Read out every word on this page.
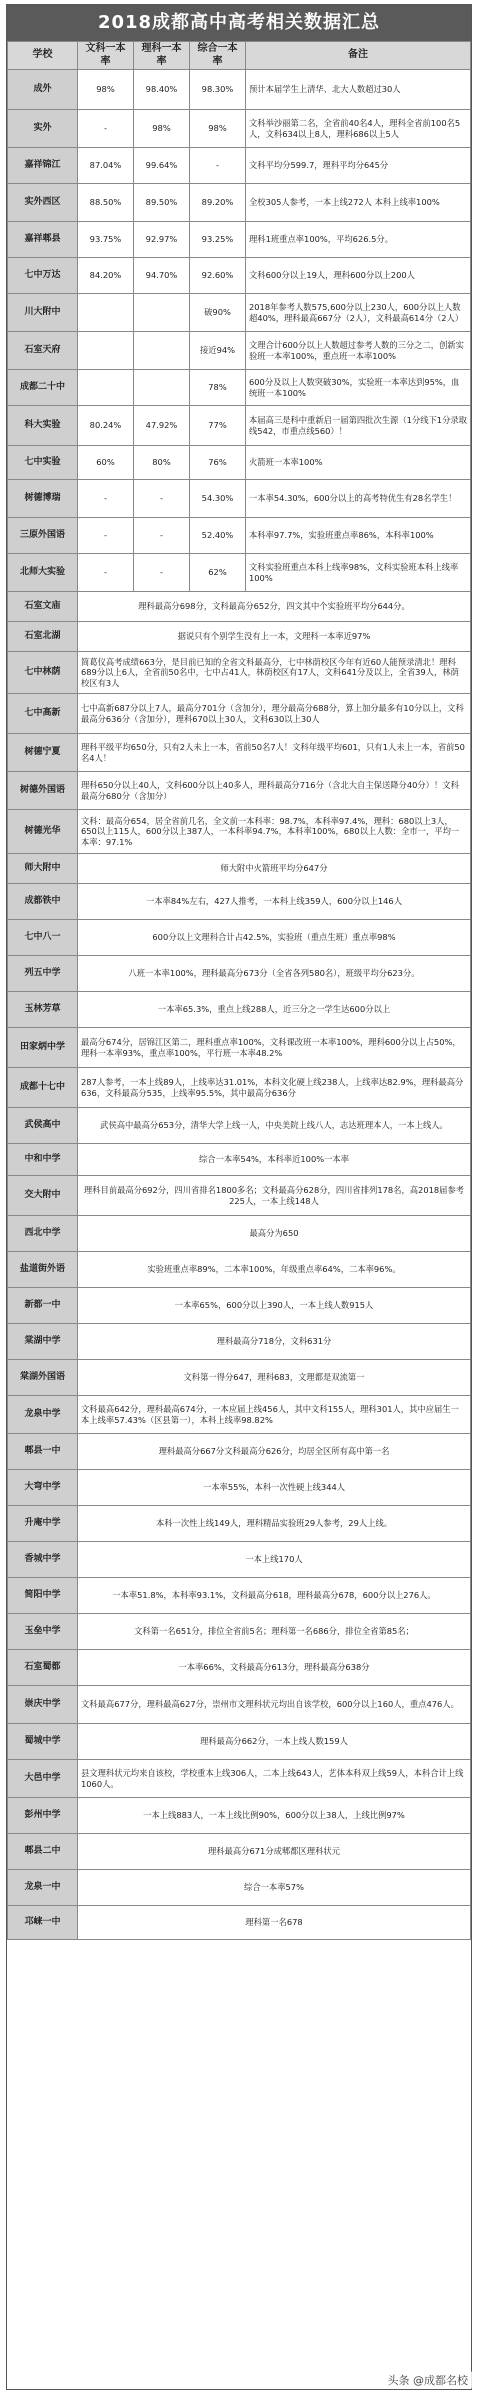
2018成都高中高考相关数据汇总
学校	文科一本率	理科一本率	综合一本率	备注
成外	98%	98.40%	98.30%	预计本届学生上清华、北大人数超过30人
实外	-	98%	98%	文科举沙丽第二名，全省前40名4人，理科全省前100名5人，文科634以上8人，理科686以上5人
嘉祥锦江	87.04%	99.64%	-	文科平均分599.7，理科平均分645分
实外西区	88.50%	89.50%	89.20%	全校305人参考，一本上线272人 本科上线率100%
嘉祥郫县	93.75%	92.97%	93.25%	理科1班重点率100%，平均626.5分。
七中万达	84.20%	94.70%	92.60%	文科600分以上19人，理科600分以上200人
川大附中			破90%	2018年参考人数575,600分以上230人，600分以上人数超40%，理科最高667分（2人），文科最高614分（2人）
石室天府			接近94%	文理合计600分以上人数超过参考人数的三分之二，创新实验班一本率100%，重点班一本率100%
成都二十中			78%	600分及以上人数突破30%，实验班一本率达到95%，血统班一本100%
科大实验	80.24%	47.92%	77%	本届高三是科中重新启一届第四批次生源（1分线下1分录取线542，市重点线560）！
七中实验	60%	80%	76%	火箭班一本率100%
树德博瑞	-	-	54.30%	一本率54.30%，600分以上的高考特优生有28名学生！
三原外国语	-	-	52.40%	本科率97.7%，实验班重点率86%，本科率100%
北师大实验	-	-	62%	文科实验班重点本科上线率98%，文科实验班本科上线率100%
石室文庙	理科最高分698分，文科最高分652分，四文其中个实验班平均分644分。			
石室北湖	据说只有个别学生没有上一本，文理科一本率近97%			
七中林荫	简葛仪高考成绩663分，是目前已知的全省文科最高分，七中林荫校区今年有近60人能预录清北！理科689分以上6人，全省前50名中，七中占41人，林荫校区有17人，文科641分及以上，全省39人，林荫校区有3人			
七中高新	七中高新687分以上7人，最高分701分（含加分），理分最高分688分，算上加分最多有10分以上，文科最高分636分（含加分），理科670以上30人，文科630以上30人			
树德宁夏	理科平级平均650分，只有2人未上一本，省前50名7人！文科年级平均601，只有1人未上一本，省前50名4人！			
树德外国语	理科650分以上40人，文科600分以上40多人，理科最高分716分（含北大自主保送降分40分）！文科最高分680分（含加分）			
树德光华	文科：最高分654，居全省前几名，全文前一本科率：98.7%，本科率97.4%，理科：680以上3人，650以上115人，600分以上387人，一本科率94.7%，本科率100%，680以上人数：全市一，平均一本率：97.1%			
师大附中	师大附中火箭班平均分647分			
成都铁中	一本率84%左右，427人推考，一本科上线359人，600分以上146人			
七中八一	600分以上文理科合计占42.5%，实验班（重点生班）重点率98%			
列五中学	八班一本率100%，理科最高分673分（全省各列580名），班级平均分623分。			
玉林芳草	一本率65.3%，重点上线288人，近三分之一学生达600分以上			
田家炳中学	最高分674分，居锦江区第二，理科重点率100%，文科课改班一本率100%，理科600分以上占50%，理科一本率93%，重点率100%，平行班一本率48.2%			
成都十七中	287人参考，一本上线89人，上线率达31.01%，本科文化硬上线238人，上线率达82.9%，理科最高分636，文科最高分535，上线率95.5%，其中最高分636分			
武侯高中	武侯高中最高分653分，清华大学上线一人，中央美院上线八人，志达班理本人，一本上线人。			
中和中学	综合一本率54%，本科率近100%一本率			
交大附中	理科目前最高分692分，四川省排名1800多名；文科最高分628分，四川省排列178名，高2018届参考225人，一本上线148人			
西北中学	最高分为650			
盐道街外语	实验班重点率89%，二本率100%，年级重点率64%，二本率96%。			
新都一中	一本率65%，600分以上390人，一本上线人数915人			
棠湖中学	理科最高分718分，文科631分			
棠湖外国语	文科第一得分647，理科683，文理都是双流第一			
龙泉中学	文科最高642分，理科最高674分，一本应届上线456人，其中文科155人，理科301人，其中应届生一本上线率57.43%（区县第一），本科上线率98.82%			
郫县一中	理科最高分667分文科最高分626分，均居全区所有高中第一名			
大弯中学	一本率55%，本科一次性硬上线344人			
升庵中学	本科一次性上线149人，理科精品实验班29人参考，29人上线。			
香城中学	一本上线170人			
简阳中学	一本率51.8%，本科率93.1%，文科最高分618，理科最高分678，600分以上276人。			
玉垒中学	文科第一名651分，排位全省前5名；理科第一名686分，排位全省第85名；			
石室蜀都	一本率66%，文科最高分613分，理科最高分638分			
崇庆中学	文科最高677分，理科最高627分，崇州市文理科状元均出自该学校，600分以上160人，重点476人。			
蜀城中学	理科最高分662分，一本上线人数159人			
大邑中学	县文理科状元均来自该校，学校重本上线306人，二本上线643人，艺体本科双上线59人，本科合计上线1060人。			
彭州中学	一本上线883人，一本上线比例90%，600分以上38人，上线比例97%			
郫县二中	理科最高分671分成郫都区理科状元			
龙泉一中	综合一本率57%			
邛崃一中	理科第一名678			
头条 @成都名校
